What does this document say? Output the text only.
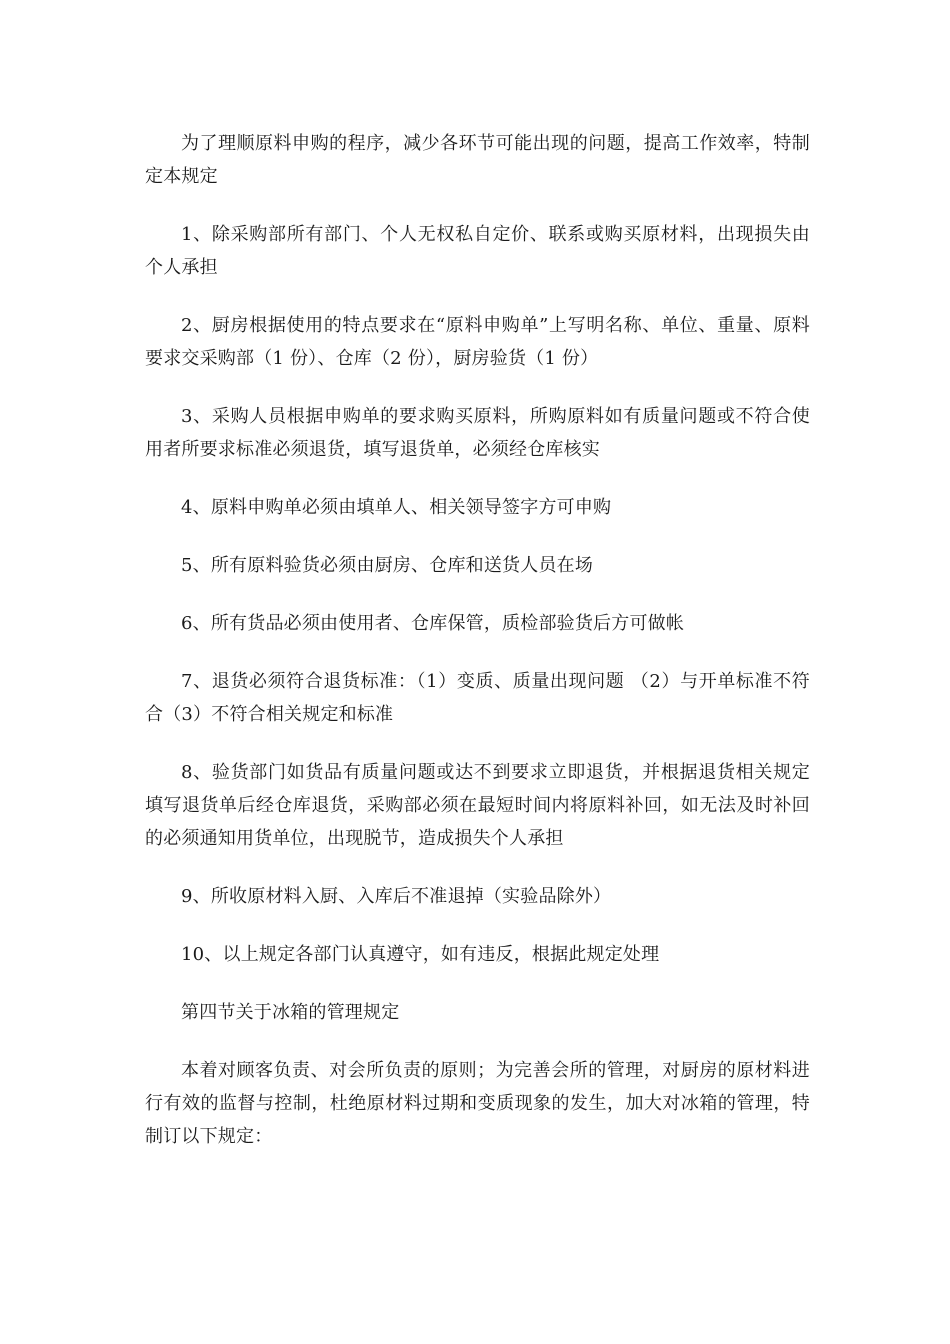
为了理顺原料申购的程序，减少各环节可能出现的问题，提高工作效率，特制定本规定

1、除采购部所有部门、个人无权私自定价、联系或购买原材料，出现损失由个人承担

2、厨房根据使用的特点要求在“原料申购单”上写明名称、单位、重量、原料要求交采购部（1 份）、仓库（2 份），厨房验货（1 份）

3、采购人员根据申购单的要求购买原料，所购原料如有质量问题或不符合使用者所要求标准必须退货，填写退货单，必须经仓库核实

4、原料申购单必须由填单人、相关领导签字方可申购

5、所有原料验货必须由厨房、仓库和送货人员在场

6、所有货品必须由使用者、仓库保管，质检部验货后方可做帐

7、退货必须符合退货标准：（1）变质、质量出现问题 （2）与开单标准不符合（3）不符合相关规定和标准

8、验货部门如货品有质量问题或达不到要求立即退货，并根据退货相关规定填写退货单后经仓库退货，采购部必须在最短时间内将原料补回，如无法及时补回的必须通知用货单位，出现脱节，造成损失个人承担

9、所收原材料入厨、入库后不准退掉（实验品除外）

10、以上规定各部门认真遵守，如有违反，根据此规定处理

第四节关于冰箱的管理规定

本着对顾客负责、对会所负责的原则；为完善会所的管理，对厨房的原材料进行有效的监督与控制，杜绝原材料过期和变质现象的发生，加大对冰箱的管理，特制订以下规定：
